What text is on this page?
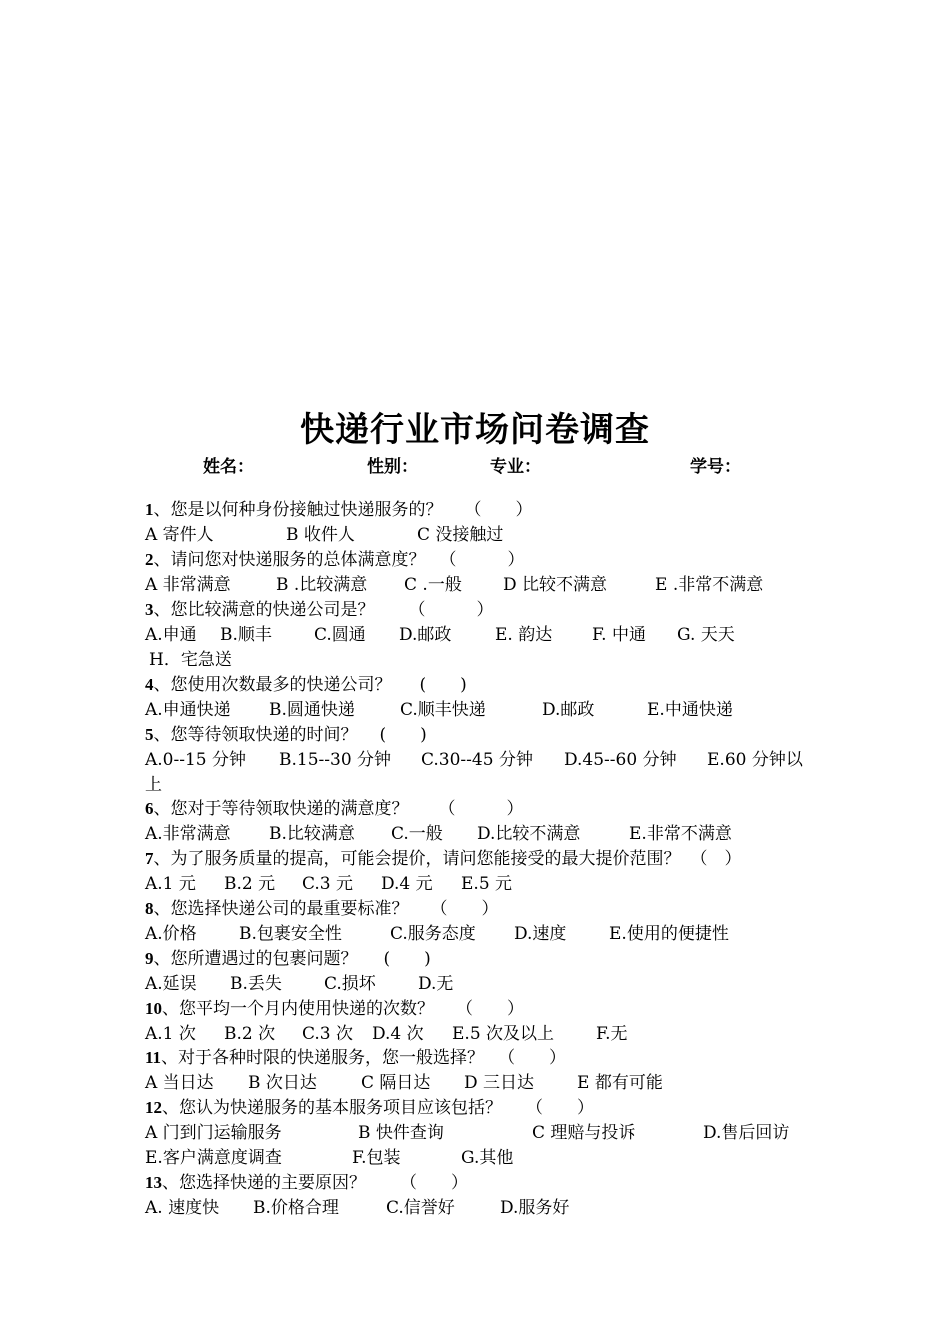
快递行业市场问卷调查
姓名：	性别：	专业：	学号：
1、您是以何种身份接触过快递服务的？ （　　）
A 寄件人	B 收件人	C 没接触过
2、请问您对快递服务的总体满意度？ （　　　）
A 非常满意	B .比较满意 C .一般 D 比较不满意	E .非常不满意
3、您比较满意的快递公司是？ （　　　）
A.申通 B.顺丰 C.圆通 D.邮政	E. 韵达 F. 中通 G. 天天
H．宅急送
4、您使用次数最多的快递公司？ (　　)
A.申通快递 B.圆通快递	C.顺丰快递	D.邮政	E.中通快递
5、您等待领取快递的时间？ (　　)
A.0--15 分钟 B.15--30 分钟 C.30--45 分钟 D.45--60 分钟 E.60 分钟以
上
6、您对于等待领取快递的满意度？ （　　　）
A.非常满意 B.比较满意 C.一般 D.比较不满意	E.非常不满意
7、为了服务质量的提高，可能会提价，请问您能接受的最大提价范围？ （　）
A.1 元 B.2 元 C.3 元 D.4 元 E.5 元
8、您选择快递公司的最重要标准？ （　　）
A.价格 B.包裹安全性	C.服务态度 D.速度	E.使用的便捷性
9、您所遭遇过的包裹问题？ (　　)
A.延误 B.丢失 C.损坏 D.无
10、您平均一个月内使用快递的次数？ （　　）
A.1 次 B.2 次 C.3 次 D.4 次 E.5 次及以上 F.无
11、对于各种时限的快递服务，您一般选择？ （　　）
A 当日达 B 次日达	C 隔日达 D 三日达	E 都有可能
12、您认为快递服务的基本服务项目应该包括？ （　　）
A 门到门运输服务	B 快件查询	C 理赔与投诉	D.售后回访
E.客户满意度调查	F.包装	G.其他
13、您选择快递的主要原因？ （　　）
A. 速度快 B.价格合理	C.信誉好	D.服务好
